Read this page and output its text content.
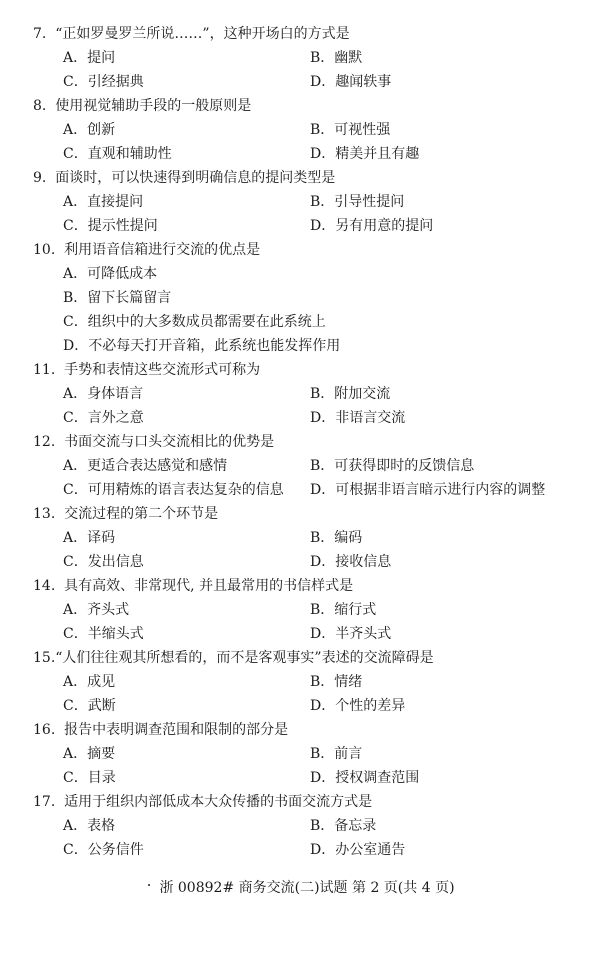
7. “正如罗曼罗兰所说……”，这种开场白的方式是
A．提问	B．幽默
C．引经据典	D．趣闻轶事
8. 使用视觉辅助手段的一般原则是
A．创新	B．可视性强
C．直观和辅助性	D．精美并且有趣
9. 面谈时，可以快速得到明确信息的提问类型是
A．直接提问	B．引导性提问
C．提示性提问	D．另有用意的提问
10. 利用语音信箱进行交流的优点是
A．可降低成本
B．留下长篇留言
C．组织中的大多数成员都需要在此系统上
D．不必每天打开音箱，此系统也能发挥作用
11. 手势和表情这些交流形式可称为
A．身体语言	B．附加交流
C．言外之意	D．非语言交流
12. 书面交流与口头交流相比的优势是
A．更适合表达感觉和感情	B．可获得即时的反馈信息
C．可用精炼的语言表达复杂的信息 D．可根据非语言暗示进行内容的调整
13. 交流过程的第二个环节是
A．译码	B．编码
C．发出信息	D．接收信息
14. 具有高效、非常现代, 并且最常用的书信样式是
A．齐头式	B．缩行式
C．半缩头式	D．半齐头式
15.“人们往往观其所想看的，而不是客观事实”表述的交流障碍是
A．成见	B．情绪
C．武断	D．个性的差异
16. 报告中表明调查范围和限制的部分是
A．摘要	B．前言
C．目录	D．授权调查范围
17. 适用于组织内部低成本大众传播的书面交流方式是
A．表格	B．备忘录
C．公务信件	D．办公室通告
浙 00892# 商务交流(二)试题 第 2 页(共 4 页)
